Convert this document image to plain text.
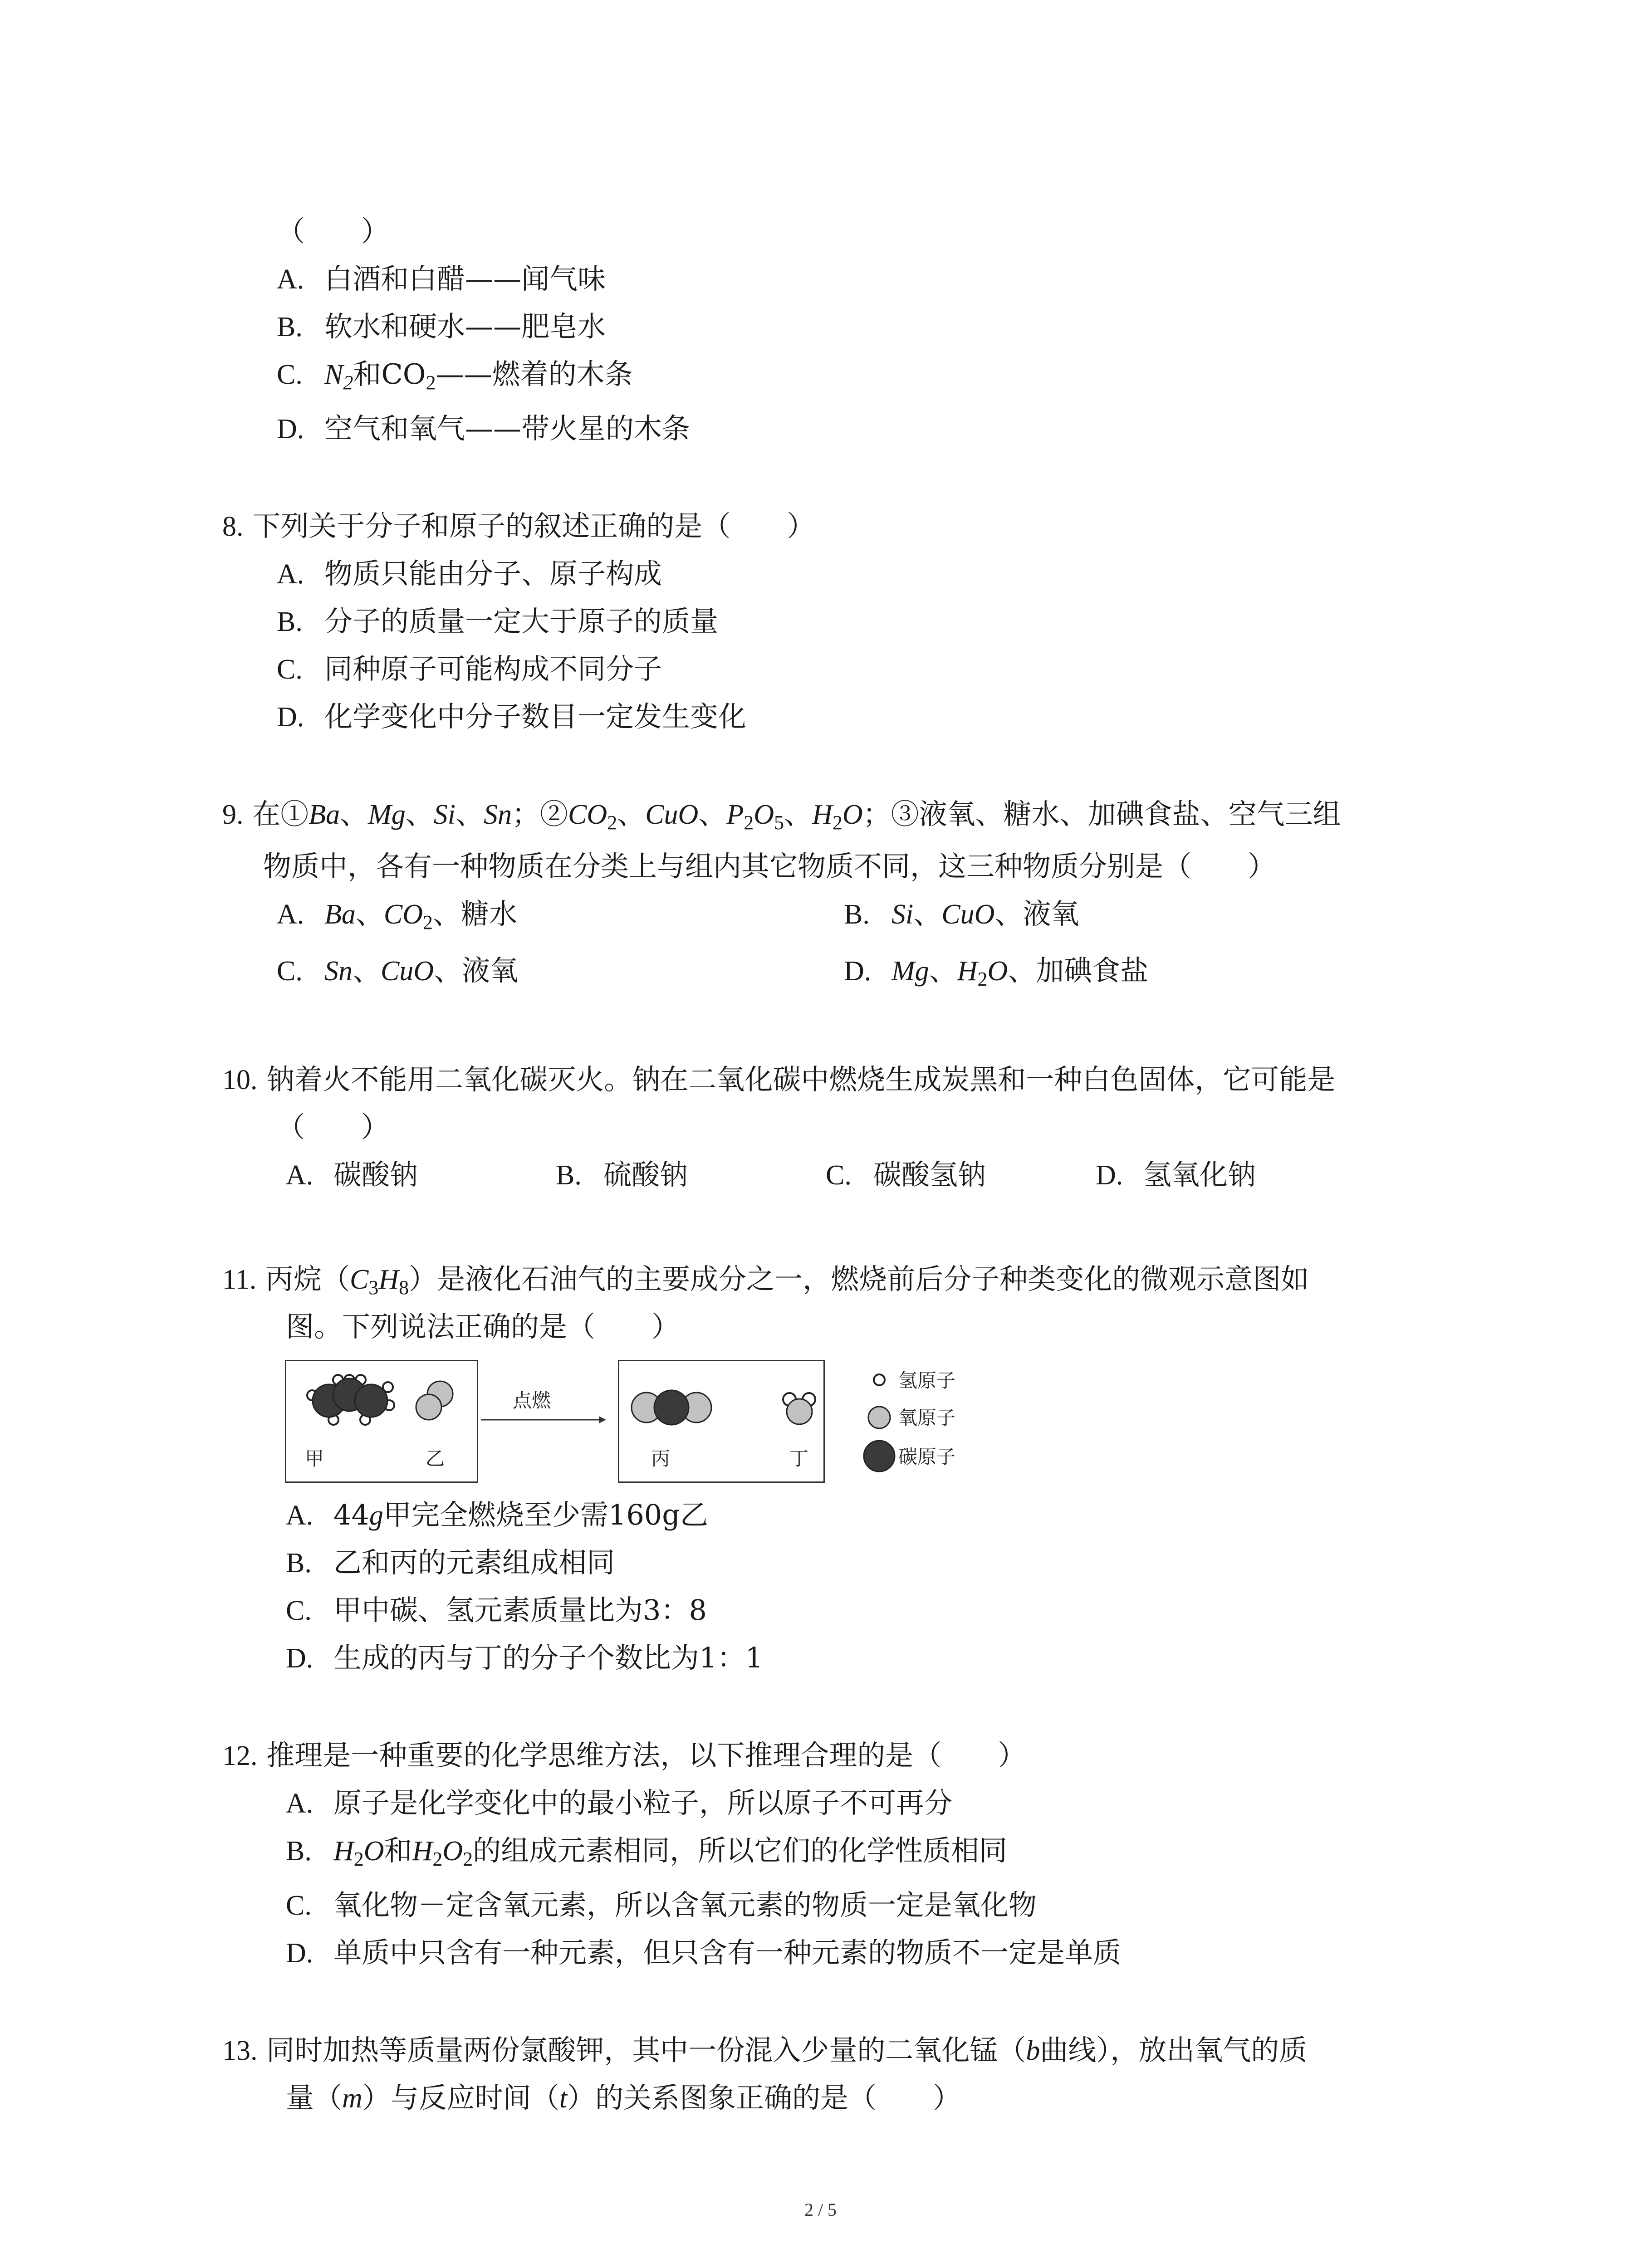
（　　）
A. 白酒和白醋——闻气味
B. 软水和硬水——肥皂水
C. $N_2$和$CO_2——$燃着的木条
D. 空气和氧气——带火星的木条
8. 下列关于分子和原子的叙述正确的是（　　）
A. 物质只能由分子、原子构成
B. 分子的质量一定大于原子的质量
C. 同种原子可能构成不同分子
D. 化学变化中分子数目一定发生变化
9. 在①Ba、Mg、Si、Sn；$②CO_2$、CuO、$P_2O_5$、$H_2O$；③液氧、糖水、加碘食盐、空气三组
物质中，各有一种物质在分类上与组内其它物质不同，这三种物质分别是（　　）
A. Ba、$CO_2$、糖水	B. Si、CuO、液氧
C. Sn、CuO、液氧	D. Mg、$H_2O$、加碘食盐
10. 钠着火不能用二氧化碳灭火。钠在二氧化碳中燃烧生成炭黑和一种白色固体，它可能是
（　　）
A. 碳酸钠	B. 硫酸钠	C. 碳酸氢钠	D. 氢氧化钠
11. 丙烷$(C_3H_8)$是液化石油气的主要成分之一，燃烧前后分子种类变化的微观示意图如
图。下列说法正确的是（　　）
甲	乙
点燃
丙	丁
氢原子
氧原子
碳原子
A. 44g甲完全燃烧至少需160g乙
B. 乙和丙的元素组成相同
C. 甲中碳、氢元素质量比为3：8
D. 生成的丙与丁的分子个数比为1：1
12. 推理是一种重要的化学思维方法，以下推理合理的是（　　）
A. 原子是化学变化中的最小粒子，所以原子不可再分
B. $H_2O$和$H_2O_2$的组成元素相同，所以它们的化学性质相同
C. 氧化物－定含氧元素，所以含氧元素的物质一定是氧化物
D. 单质中只含有一种元素，但只含有一种元素的物质不一定是单质
13. 同时加热等质量两份氯酸钾，其中一份混入少量的二氧化锰（b曲线），放出氧气的质
量（m）与反应时间（t）的关系图象正确的是（　　）
2 / 5
